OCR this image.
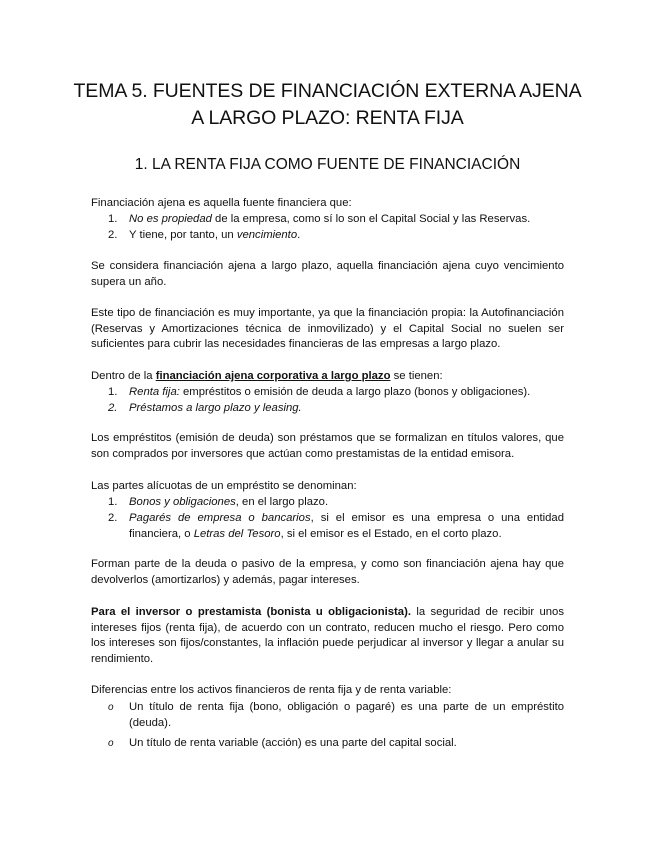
TEMA 5. FUENTES DE FINANCIACIÓN EXTERNA AJENA
A LARGO PLAZO: RENTA FIJA
1. LA RENTA FIJA COMO FUENTE DE FINANCIACIÓN

Financiación ajena es aquella fuente financiera que:

1.	No es propiedad de la empresa, como sí lo son el Capital Social y las Reservas.
2.	Y tiene, por tanto, un vencimiento.

Se considera financiación ajena a largo plazo, aquella financiación ajena cuyo vencimiento supera un año.

Este tipo de financiación es muy importante, ya que la financiación propia: la Autofinanciación (Reservas y Amortizaciones técnica de inmovilizado) y el Capital Social no suelen ser suficientes para cubrir las necesidades financieras de las empresas a largo plazo.

Dentro de la financiación ajena corporativa a largo plazo se tienen:

1.	Renta fija: empréstitos o emisión de deuda a largo plazo (bonos y obligaciones).
2.	Préstamos a largo plazo y leasing.

Los empréstitos (emisión de deuda) son préstamos que se formalizan en títulos valores, que son comprados por inversores que actúan como prestamistas de la entidad emisora.

Las partes alícuotas de un empréstito se denominan:

1.	Bonos y obligaciones, en el largo plazo.
2.	Pagarés de empresa o bancarios, si el emisor es una empresa o una entidad financiera, o Letras del Tesoro, si el emisor es el Estado, en el corto plazo.

Forman parte de la deuda o pasivo de la empresa, y como son financiación ajena hay que devolverlos (amortizarlos) y además, pagar intereses.

Para el inversor o prestamista (bonista u obligacionista). la seguridad de recibir unos intereses fijos (renta fija), de acuerdo con un contrato, reducen mucho el riesgo. Pero como los intereses son fijos/constantes, la inflación puede perjudicar al inversor y llegar a anular su rendimiento.

Diferencias entre los activos financieros de renta fija y de renta variable:

o	Un título de renta fija (bono, obligación o pagaré) es una parte de un empréstito (deuda).
o	Un título de renta variable (acción) es una parte del capital social.
